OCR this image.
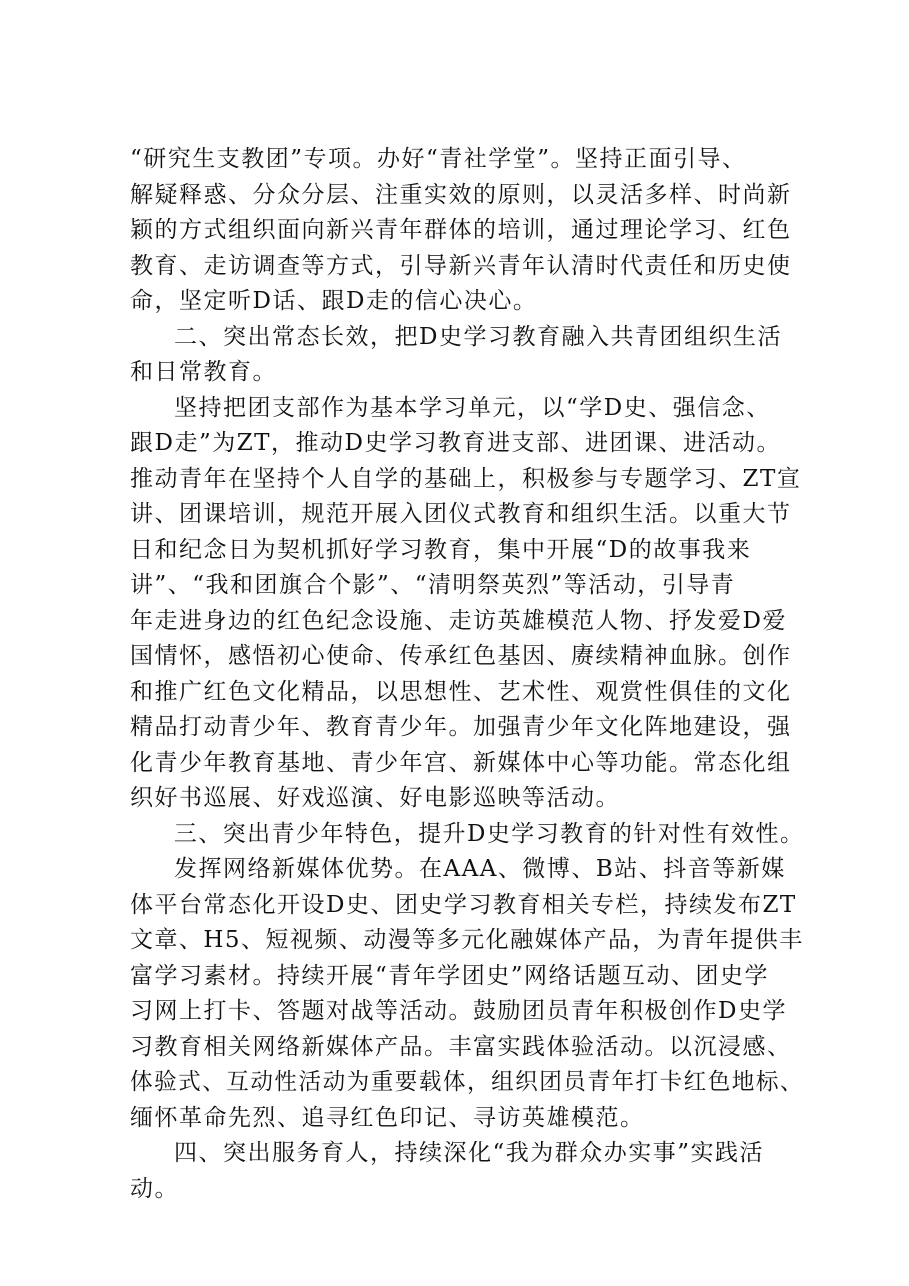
“研究生支教团”专项。办好“青社学堂”。坚持正面引导、
解疑释惑、分众分层、注重实效的原则，以灵活多样、时尚新
颖的方式组织面向新兴青年群体的培训，通过理论学习、红色
教育、走访调查等方式，引导新兴青年认清时代责任和历史使
命，坚定听D话、跟D走的信心决心。
二、突出常态长效，把D史学习教育融入共青团组织生活
和日常教育。
坚持把团支部作为基本学习单元，以“学D史、强信念、
跟D走”为ZT，推动D史学习教育进支部、进团课、进活动。
推动青年在坚持个人自学的基础上，积极参与专题学习、ZT宣
讲、团课培训，规范开展入团仪式教育和组织生活。以重大节
日和纪念日为契机抓好学习教育，集中开展“D的故事我来
讲”、“我和团旗合个影”、“清明祭英烈”等活动，引导青
年走进身边的红色纪念设施、走访英雄模范人物、抒发爱D爱
国情怀，感悟初心使命、传承红色基因、赓续精神血脉。创作
和推广红色文化精品，以思想性、艺术性、观赏性俱佳的文化
精品打动青少年、教育青少年。加强青少年文化阵地建设，强
化青少年教育基地、青少年宫、新媒体中心等功能。常态化组
织好书巡展、好戏巡演、好电影巡映等活动。
三、突出青少年特色，提升D史学习教育的针对性有效性。
发挥网络新媒体优势。在AAA、微博、B站、抖音等新媒
体平台常态化开设D史、团史学习教育相关专栏，持续发布ZT
文章、H5、短视频、动漫等多元化融媒体产品，为青年提供丰
富学习素材。持续开展“青年学团史”网络话题互动、团史学
习网上打卡、答题对战等活动。鼓励团员青年积极创作D史学
习教育相关网络新媒体产品。丰富实践体验活动。以沉浸感、
体验式、互动性活动为重要载体，组织团员青年打卡红色地标、
缅怀革命先烈、追寻红色印记、寻访英雄模范。
四、突出服务育人，持续深化“我为群众办实事”实践活
动。
